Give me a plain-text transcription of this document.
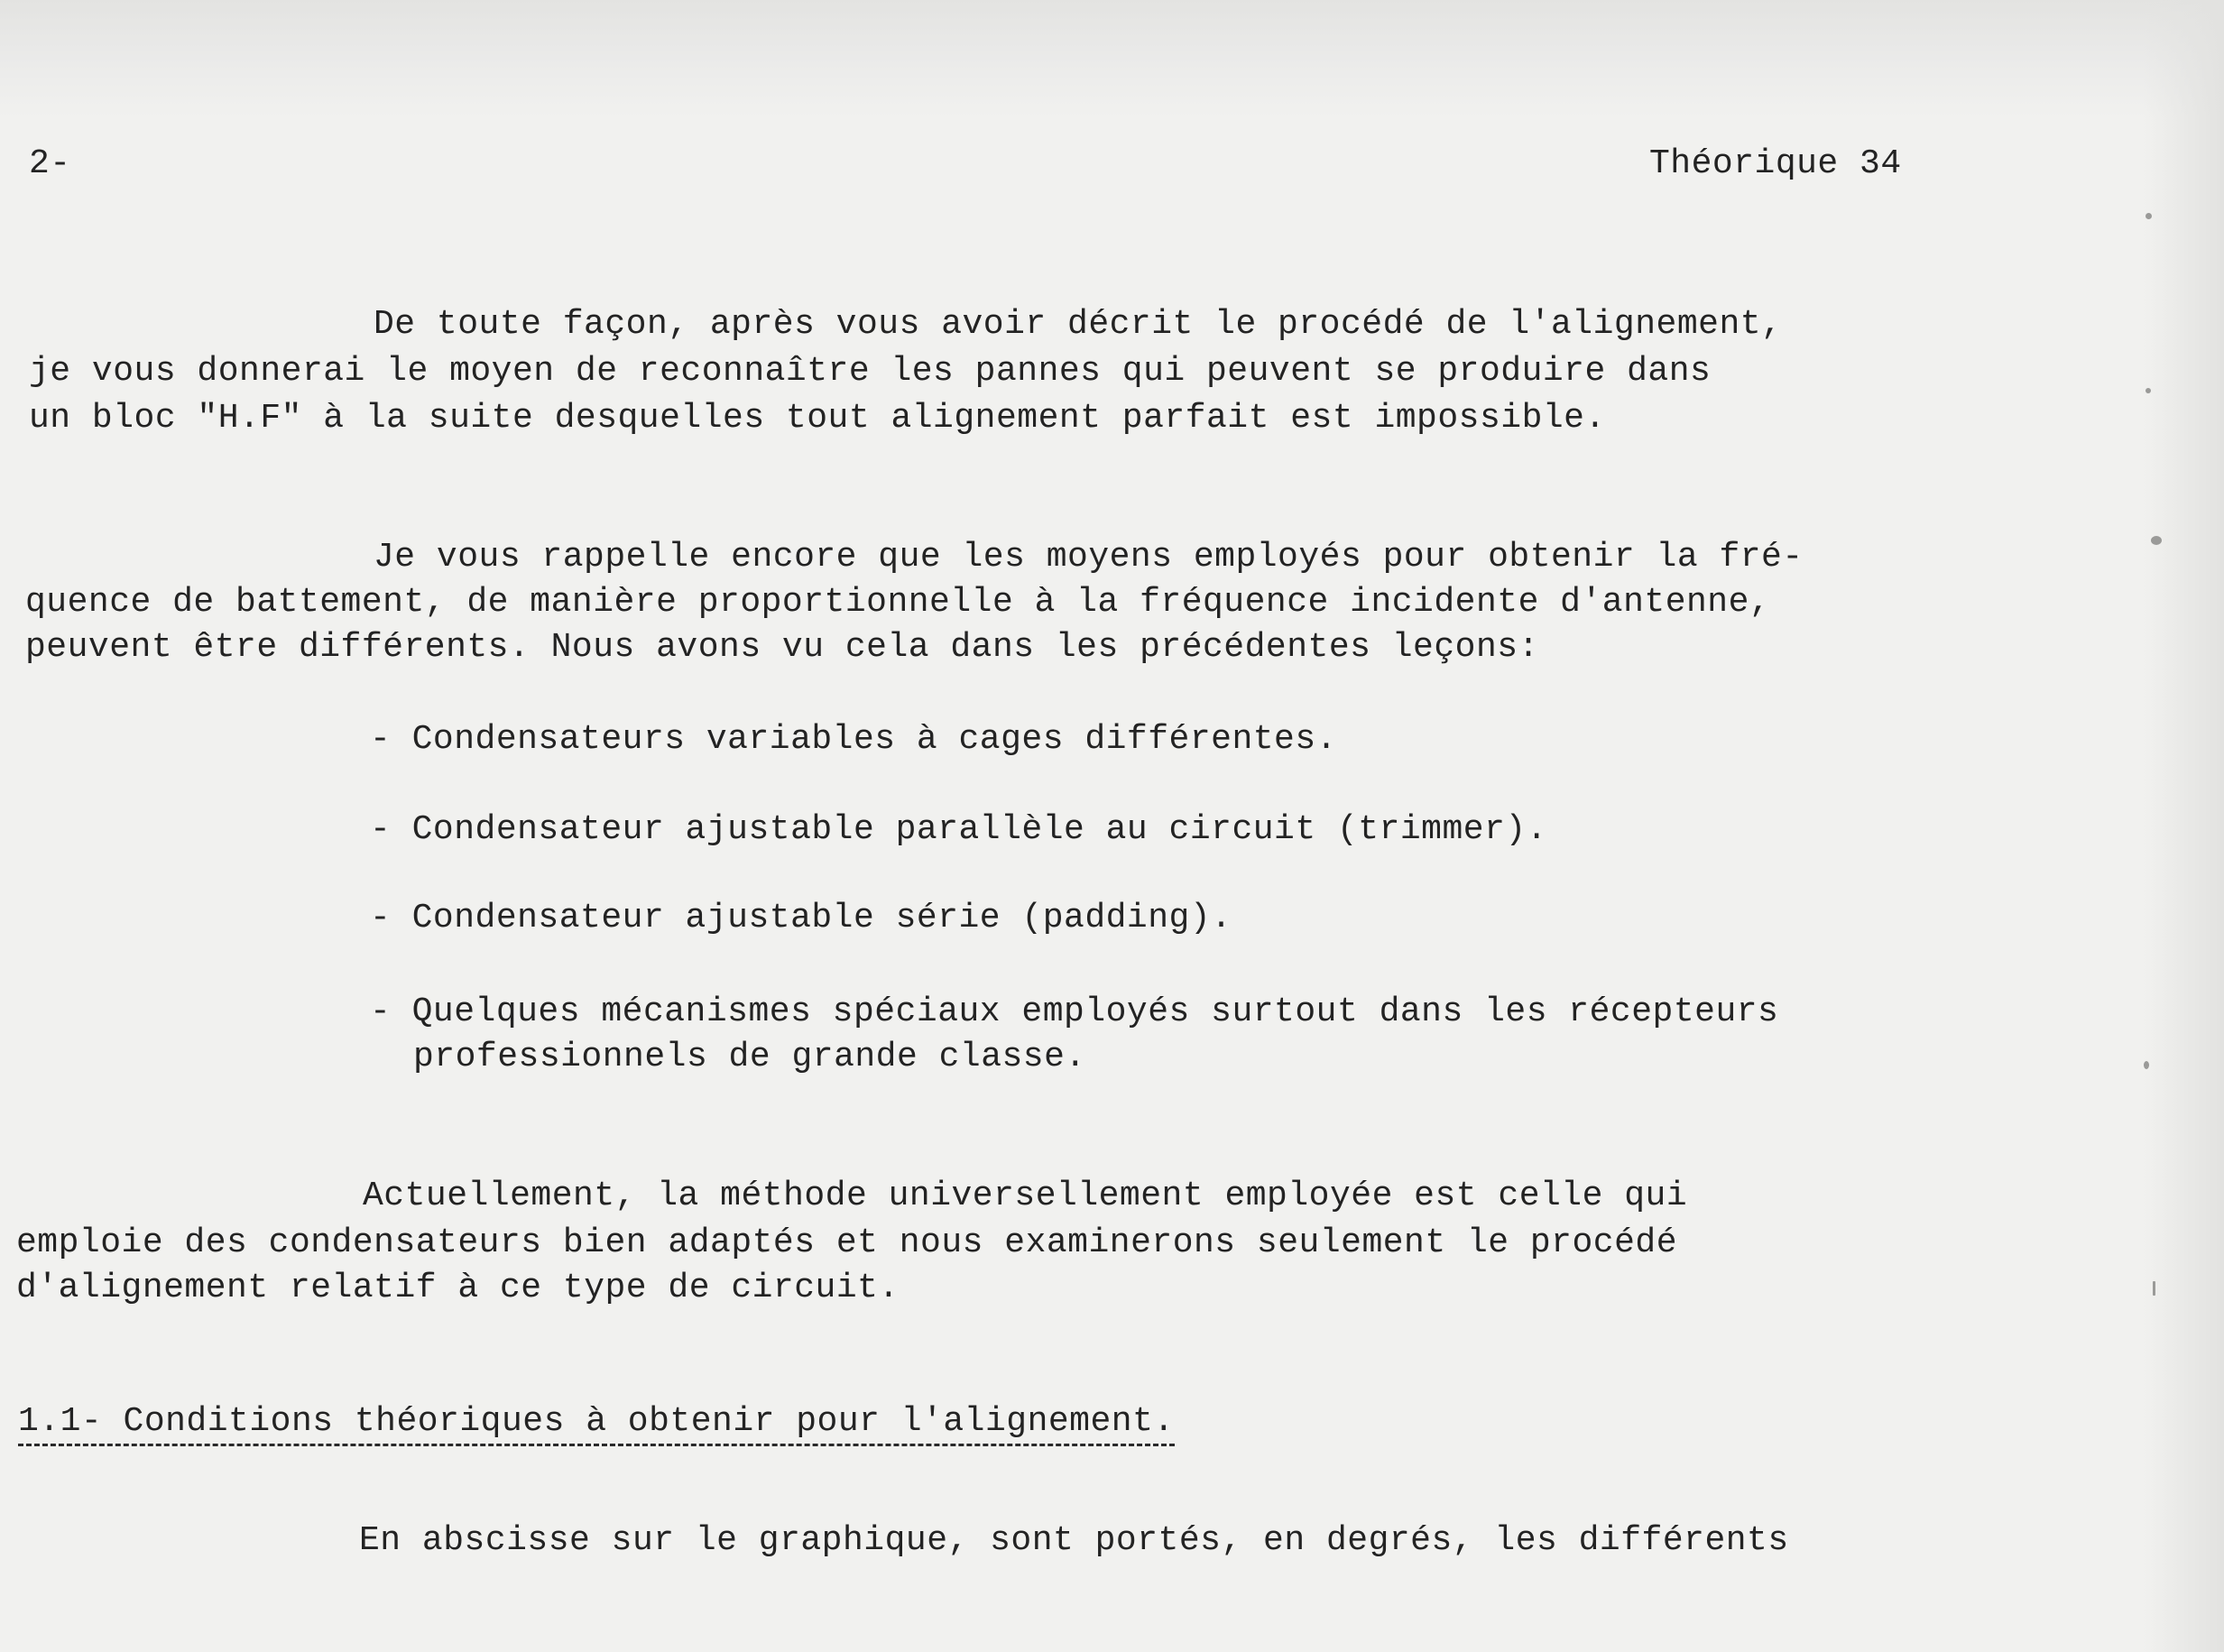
2-	Théorique 34
De toute façon, après vous avoir décrit le procédé de l'alignement,
je vous donnerai le moyen de reconnaître les pannes qui peuvent se produire dans
un bloc "H.F" à la suite desquelles tout alignement parfait est impossible.
Je vous rappelle encore que les moyens employés pour obtenir la fré-
quence de battement, de manière proportionnelle à la fréquence incidente d'antenne,
peuvent être différents. Nous avons vu cela dans les précédentes leçons:
- Condensateurs variables à cages différentes.
- Condensateur ajustable parallèle au circuit (trimmer).
- Condensateur ajustable série (padding).
- Quelques mécanismes spéciaux employés surtout dans les récepteurs
professionnels de grande classe.
Actuellement, la méthode universellement employée est celle qui
emploie des condensateurs bien adaptés et nous examinerons seulement le procédé
d'alignement relatif à ce type de circuit.
1.1- Conditions théoriques à obtenir pour l'alignement.
En abscisse sur le graphique, sont portés, en degrés, les différents
